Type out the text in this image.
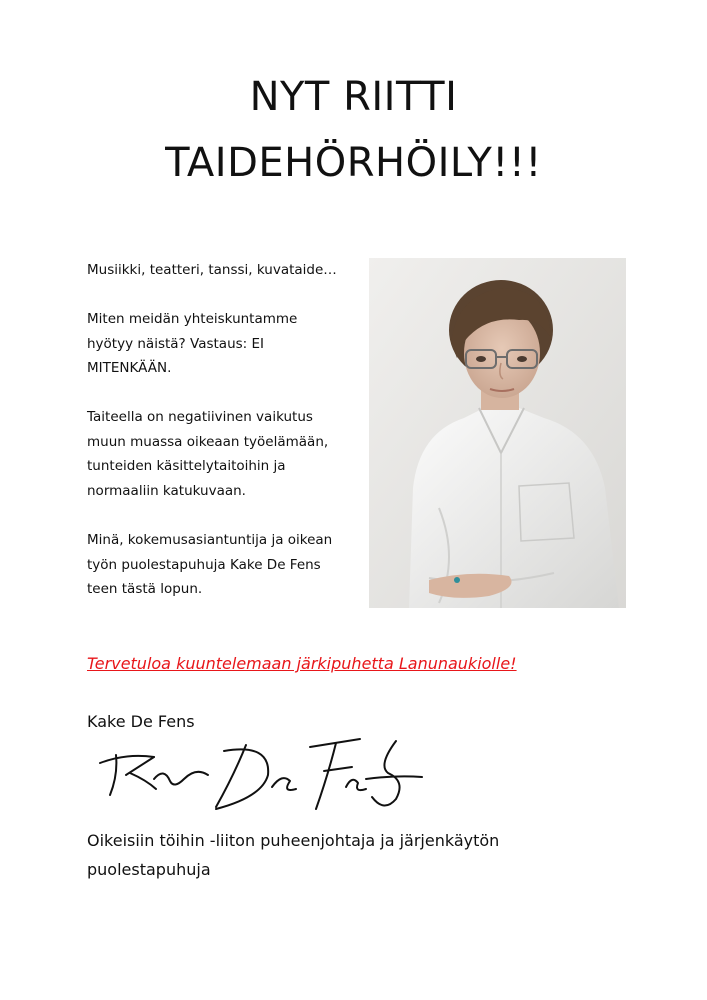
NYT RIITTI
TAIDEHÖRHÖILY!!!

Musiikki, teatteri, tanssi, kuvataide…

Miten meidän yhteiskuntamme
hyötyy näistä? Vastaus: EI
MITENKÄÄN.

Taiteella on negatiivinen vaikutus
muun muassa oikeaan työelämään,
tunteiden käsittelytaitoihin ja
normaaliin katukuvaan.

Minä, kokemusasiantuntija ja oikean
työn puolestapuhuja Kake De Fens
teen tästä lopun.

Tervetuloa kuuntelemaan järkipuhetta Lanunaukiolle!
Kake De Fens

Oikeisiin töihin -liiton puheenjohtaja ja järjenkäytön
puolestapuhuja
